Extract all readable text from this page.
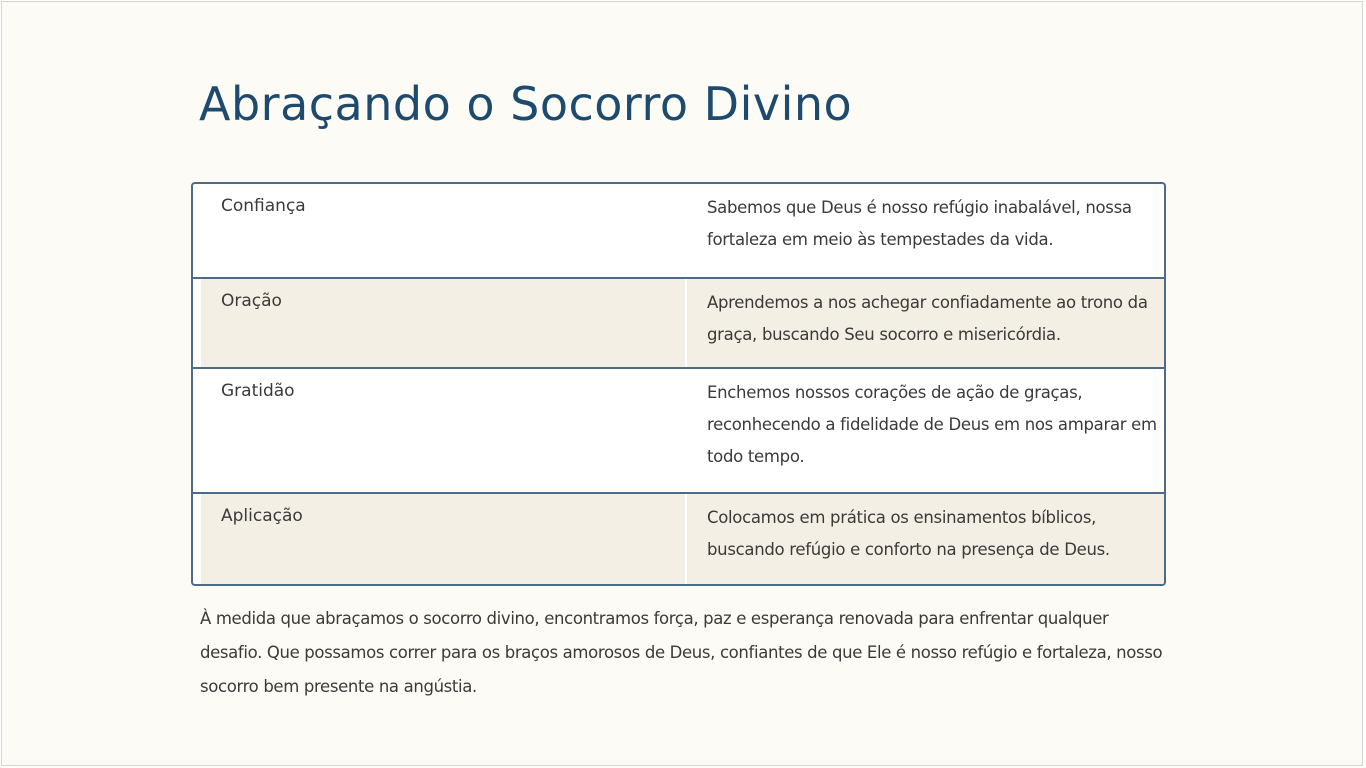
Abraçando o Socorro Divino
Confiança	Sabemos que Deus é nosso refúgio inabalável, nossa fortaleza em meio às tempestades da vida.
Oração	Aprendemos a nos achegar confiadamente ao trono da graça, buscando Seu socorro e misericórdia.
Gratidão	Enchemos nossos corações de ação de graças, reconhecendo a fidelidade de Deus em nos amparar em todo tempo.
Aplicação	Colocamos em prática os ensinamentos bíblicos, buscando refúgio e conforto na presença de Deus.

À medida que abraçamos o socorro divino, encontramos força, paz e esperança renovada para enfrentar qualquer desafio. Que possamos correr para os braços amorosos de Deus, confiantes de que Ele é nosso refúgio e fortaleza, nosso socorro bem presente na angústia.
